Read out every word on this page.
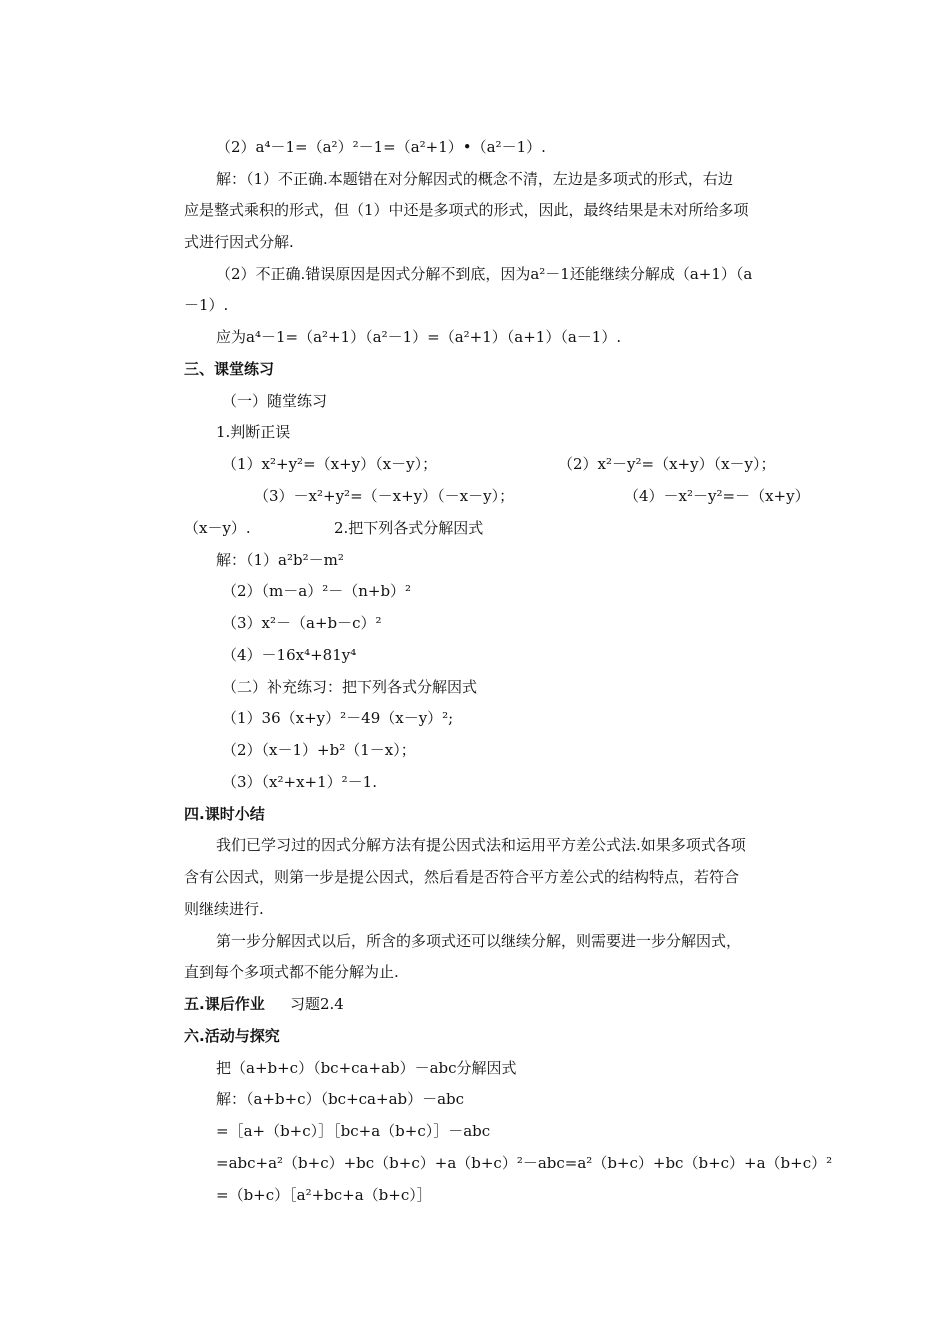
（2）a⁴－1=（a²）²－1=（a²+1）•（a²－1）.
解：（1）不正确.本题错在对分解因式的概念不清，左边是多项式的形式，右边
应是整式乘积的形式，但（1）中还是多项式的形式，因此，最终结果是未对所给多项
式进行因式分解.
（2）不正确.错误原因是因式分解不到底，因为a²－1还能继续分解成（a+1）（a
－1）.
应为a⁴－1=（a²+1）（a²－1）=（a²+1）（a+1）（a－1）.
三、课堂练习
（一）随堂练习
1.判断正误
（1）x²+y²=（x+y）（x－y）；	（2）x²－y²=（x+y）（x－y）；
（3）－x²+y²=（－x+y）（－x－y）；	（4）－x²－y²=－（x+y）
（x－y）.	2.把下列各式分解因式
解：（1）a²b²－m²
（2）（m－a）²－（n+b）²
（3）x²－（a+b－c）²
（4）－16x⁴+81y⁴
（二）补充练习：把下列各式分解因式
（1）36（x+y）²－49（x－y）²;
（2）（x－1）+b²（1－x）；
（3）（x²+x+1）²－1.
四.课时小结
我们已学习过的因式分解方法有提公因式法和运用平方差公式法.如果多项式各项
含有公因式，则第一步是提公因式，然后看是否符合平方差公式的结构特点，若符合
则继续进行.
第一步分解因式以后，所含的多项式还可以继续分解，则需要进一步分解因式，
直到每个多项式都不能分解为止.
五.课后作业 习题2.4
六.活动与探究
把（a+b+c）（bc+ca+ab）－abc分解因式
解：（a+b+c）（bc+ca+ab）－abc
=［a+（b+c）］［bc+a（b+c）］－abc
=abc+a²（b+c）+bc（b+c）+a（b+c）²－abc=a²（b+c）+bc（b+c）+a（b+c）²
=（b+c）［a²+bc+a（b+c）］
